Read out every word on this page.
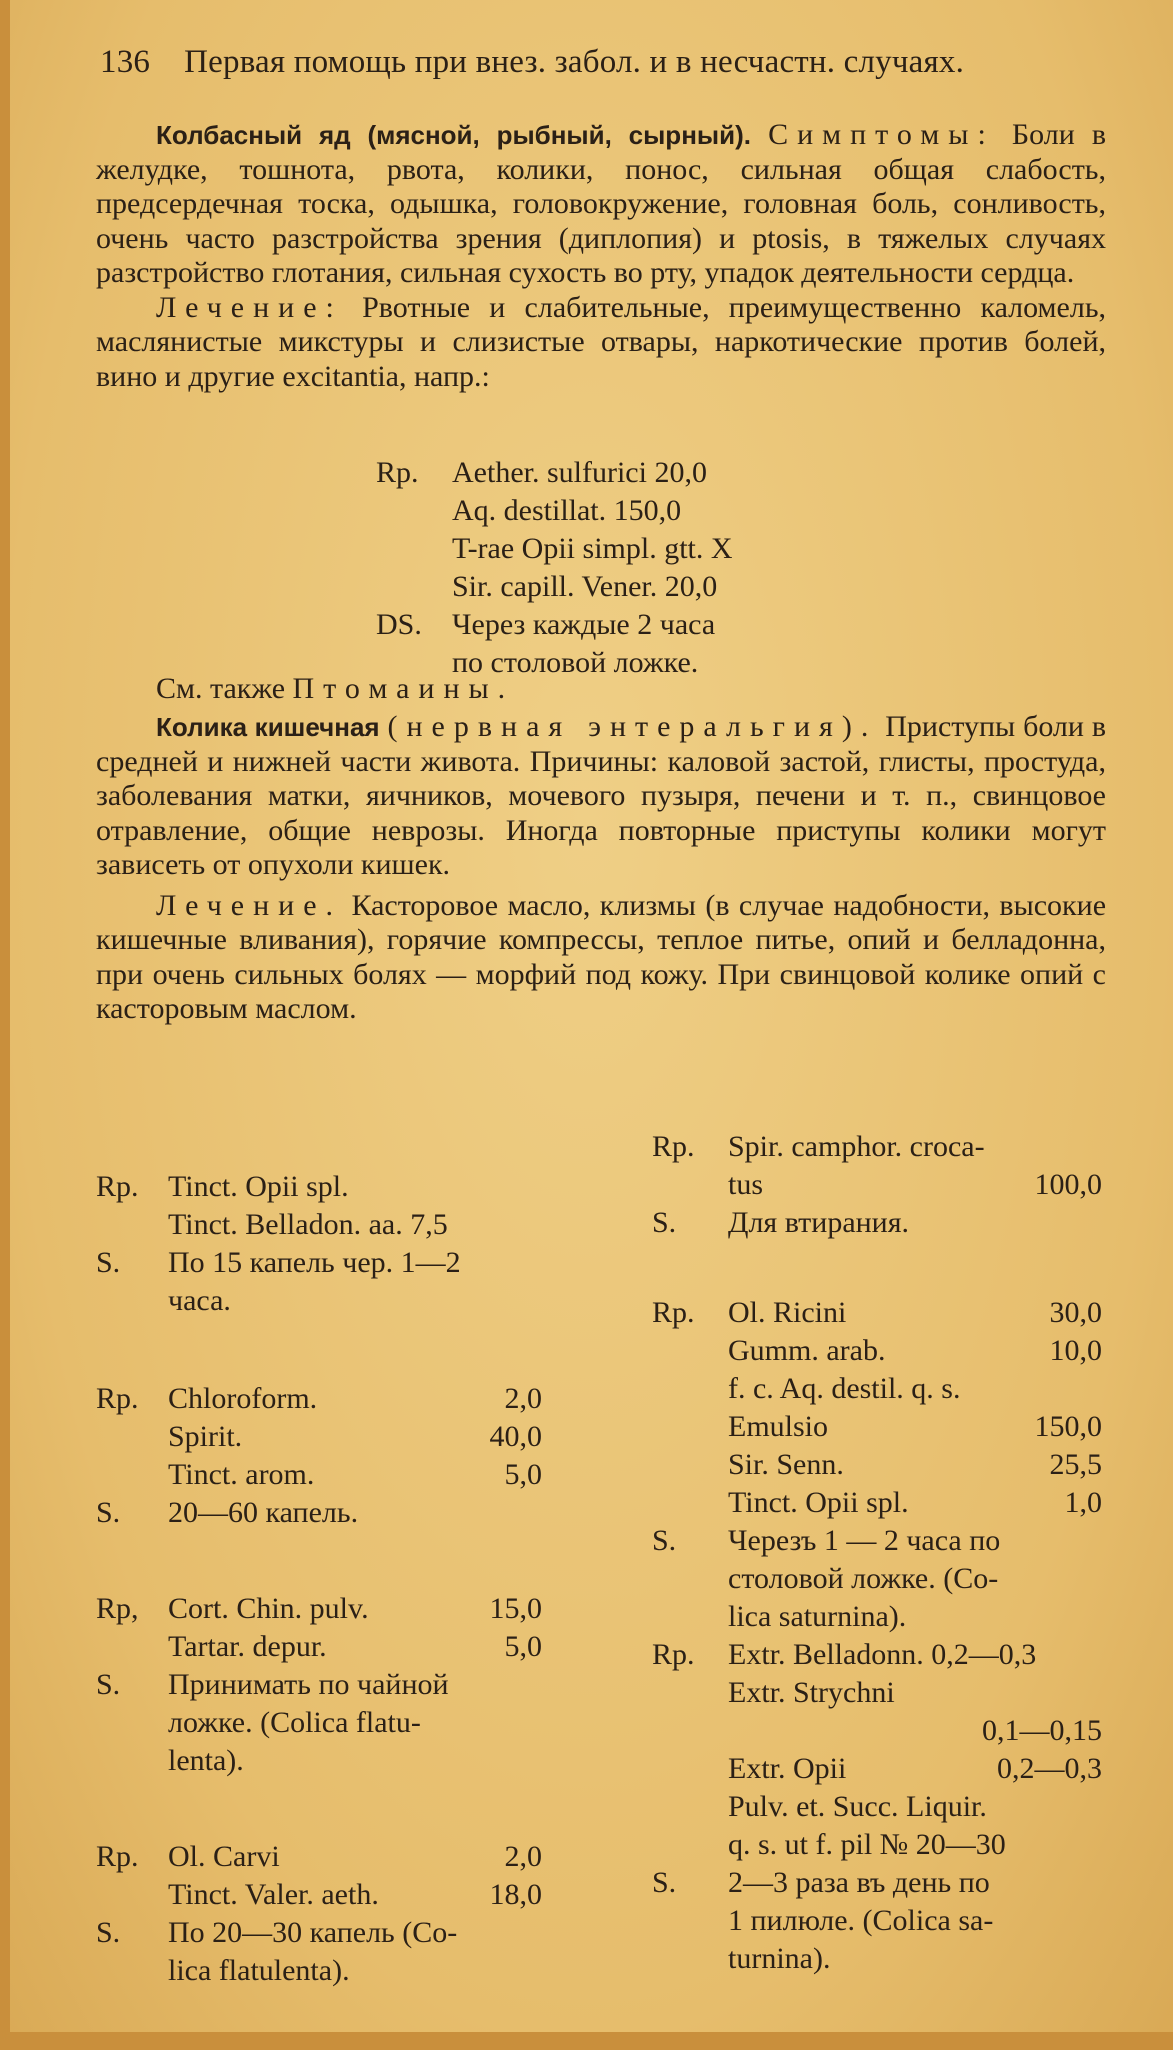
136 Первая помощь при внез. забол. и в несчастн. случаях.
Колбасный яд (мясной, рыбный, сырный). Симптомы: Боли в желудке, тошнота, рвота, колики, понос, сильная общая слабость, предсердечная тоска, одышка, головокружение, головная боль, сонливость, очень часто разстройства зрения (диплопия) и ptosis, в тяжелых случаях разстройство глотания, сильная сухость во рту, упадок деятельности сердца.
Лечение: Рвотные и слабительные, преимущественно каломель, маслянистые микстуры и слизистые отвары, наркотические против болей, вино и другие excitantia, напр.:
Rp. Aether. sulfurici 20,0
Aq. destillat. 150,0
T-rae Opii simpl. gtt. X
Sir. capill. Vener. 20,0
DS. Через каждые 2 часа
по столовой ложке.
См. также Птомаины.
Колика кишечная (нервная энтеральгия). Приступы боли в средней и нижней части живота. Причины: каловой застой, глисты, простуда, заболевания матки, яичников, мочевого пузыря, печени и т. п., свинцовое отравление, общие неврозы. Иногда повторные приступы колики могут зависеть от опухоли кишек.
Лечение. Касторовое масло, клизмы (в случае надобности, высокие кишечные вливания), горячие компрессы, теплое питье, опий и белладонна, при очень сильных болях — морфий под кожу. При свинцовой колике опий с касторовым маслом.
Rp. Tinct. Opii spl.
Tinct. Belladon. aa. 7,5
S. По 15 капель чер. 1—2
часа.
Rp. Chloroform.	2,0
Spirit.	40,0
Tinct. arom.	5,0
S. 20—60 капель.
Rp, Cort. Chin. pulv.	15,0
Tartar. depur.	5,0
S. Принимать по чайной
ложке. (Colica flatu-
lenta).
Rp. Ol. Carvi	2,0
Tinct. Valer. aeth.	18,0
S. По 20—30 капель (Co-
lica flatulenta).
Rp. Spir. camphor. croca-
tus	100,0
S. Для втирания.
Rp. Ol. Ricini	30,0
Gumm. arab.	10,0
f. c. Aq. destil. q. s.
Emulsio	150,0
Sir. Senn.	25,5
Tinct. Opii spl.	1,0
S. Черезъ 1 — 2 часа по
столовой ложке. (Co-
lica saturnina).
Rp. Extr. Belladonn. 0,2—0,3
Extr. Strychni
0,1—0,15
Extr. Opii	0,2—0,3
Pulv. et. Succ. Liquir.
q. s. ut f. pil № 20—30
S. 2—3 раза въ день по
1 пилюле. (Colica sa-
turnina).
